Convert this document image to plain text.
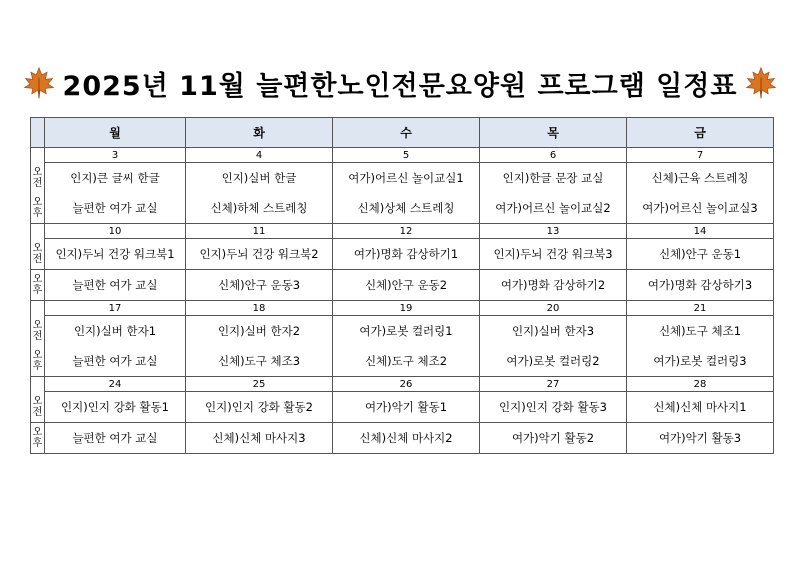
2025년 11월 늘편한노인전문요양원 프로그램 일정표
	월	화	수	목	금
	3	4	5	6	7

오
전	인지)큰 글씨 한글	인지)실버 한글	여가)어르신 놀이교실1	인지)한글 문장 교실	신체)근육 스트레칭

오
후	늘편한 여가 교실	신체)하체 스트레칭	신체)상체 스트레칭	여가)어르신 놀이교실2	여가)어르신 놀이교실3
	10	11	12	13	14

오
전	인지)두뇌 건강 워크북1	인지)두뇌 건강 워크북2	여가)명화 감상하기1	인지)두뇌 건강 워크북3	신체)안구 운동1

오
후	늘편한 여가 교실	신체)안구 운동3	신체)안구 운동2	여가)명화 감상하기2	여가)명화 감상하기3
	17	18	19	20	21

오
전	인지)실버 한자1	인지)실버 한자2	여가)로봇 컬러링1	인지)실버 한자3	신체)도구 체조1

오
후	늘편한 여가 교실	신체)도구 체조3	신체)도구 체조2	여가)로봇 컬러링2	여가)로봇 컬러링3
	24	25	26	27	28

오
전	인지)인지 강화 활동1	인지)인지 강화 활동2	여가)악기 활동1	인지)인지 강화 활동3	신체)신체 마사지1

오
후	늘편한 여가 교실	신체)신체 마사지3	신체)신체 마사지2	여가)악기 활동2	여가)악기 활동3
